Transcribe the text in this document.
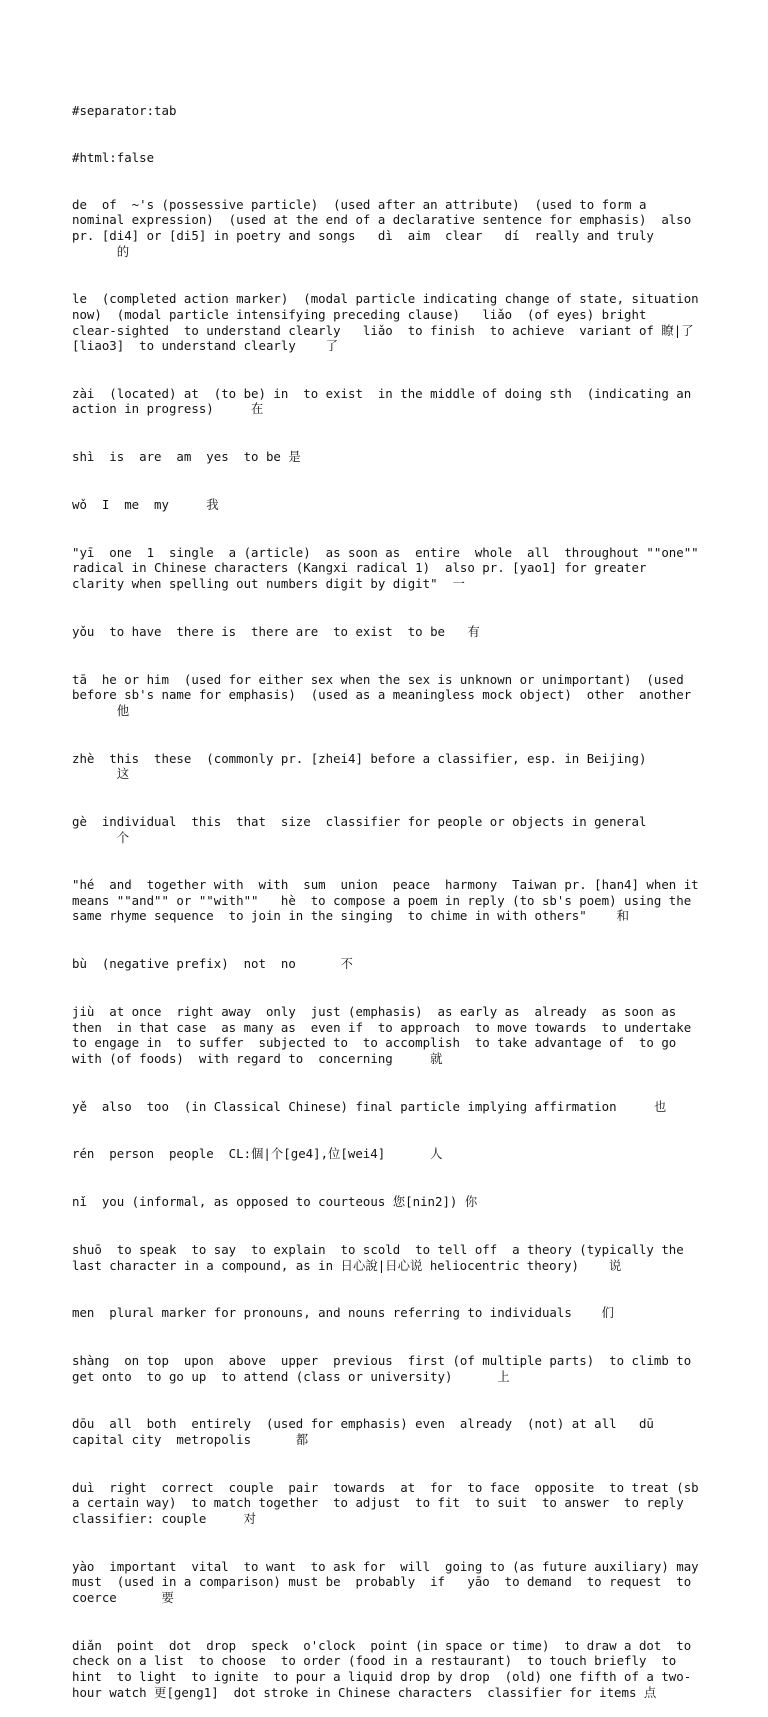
#separator:tab

#html:false

de  of  ~'s (possessive particle)  (used after an attribute)  (used to form a nominal expression)  (used at the end of a declarative sentence for emphasis)  also pr. [di4] or [di5] in poetry and songs   dì  aim  clear   dí  really and truly
的

le  (completed action marker)  (modal particle indicating change of state, situation now)  (modal particle intensifying preceding clause)   liǎo  (of eyes) bright  clear-sighted  to understand clearly   liǎo  to finish  to achieve  variant of 瞭|了[liao3]  to understand clearly    了

zài  (located) at  (to be) in  to exist  in the middle of doing sth  (indicating an action in progress)     在

shì  is  are  am  yes  to be 是

wǒ  I  me  my     我

"yī  one  1  single  a (article)  as soon as  entire  whole  all  throughout ""one"" radical in Chinese characters (Kangxi radical 1)  also pr. [yao1] for greater clarity when spelling out numbers digit by digit"  一

yǒu  to have  there is  there are  to exist  to be   有

tā  he or him  (used for either sex when the sex is unknown or unimportant)  (used before sb's name for emphasis)  (used as a meaningless mock object)  other  another
他

zhè  this  these  (commonly pr. [zhei4] before a classifier, esp. in Beijing)
这

gè  individual  this  that  size  classifier for people or objects in general
个

"hé  and  together with  with  sum  union  peace  harmony  Taiwan pr. [han4] when it means ""and"" or ""with""   hè  to compose a poem in reply (to sb's poem) using the same rhyme sequence  to join in the singing  to chime in with others"    和

bù  (negative prefix)  not  no      不

jiù  at once  right away  only  just (emphasis)  as early as  already  as soon as then  in that case  as many as  even if  to approach  to move towards  to undertake to engage in  to suffer  subjected to  to accomplish  to take advantage of  to go with (of foods)  with regard to  concerning     就

yě  also  too  (in Classical Chinese) final particle implying affirmation     也

rén  person  people  CL:個|个[ge4],位[wei4]      人

nǐ  you (informal, as opposed to courteous 您[nin2]) 你

shuō  to speak  to say  to explain  to scold  to tell off  a theory (typically the last character in a compound, as in 日心說|日心说 heliocentric theory)    说

men  plural marker for pronouns, and nouns referring to individuals    们

shàng  on top  upon  above  upper  previous  first (of multiple parts)  to climb to get onto  to go up  to attend (class or university)      上

dōu  all  both  entirely  (used for emphasis) even  already  (not) at all   dū capital city  metropolis      都

duì  right  correct  couple  pair  towards  at  for  to face  opposite  to treat (sb a certain way)  to match together  to adjust  to fit  to suit  to answer  to reply  classifier: couple     对

yào  important  vital  to want  to ask for  will  going to (as future auxiliary) may  must  (used in a comparison) must be  probably  if   yāo  to demand  to request  to coerce      要

diǎn  point  dot  drop  speck  o'clock  point (in space or time)  to draw a dot  to check on a list  to choose  to order (food in a restaurant)  to touch briefly  to hint  to light  to ignite  to pour a liquid drop by drop  (old) one fifth of a two-hour watch 更[geng1]  dot stroke in Chinese characters  classifier for items 点
